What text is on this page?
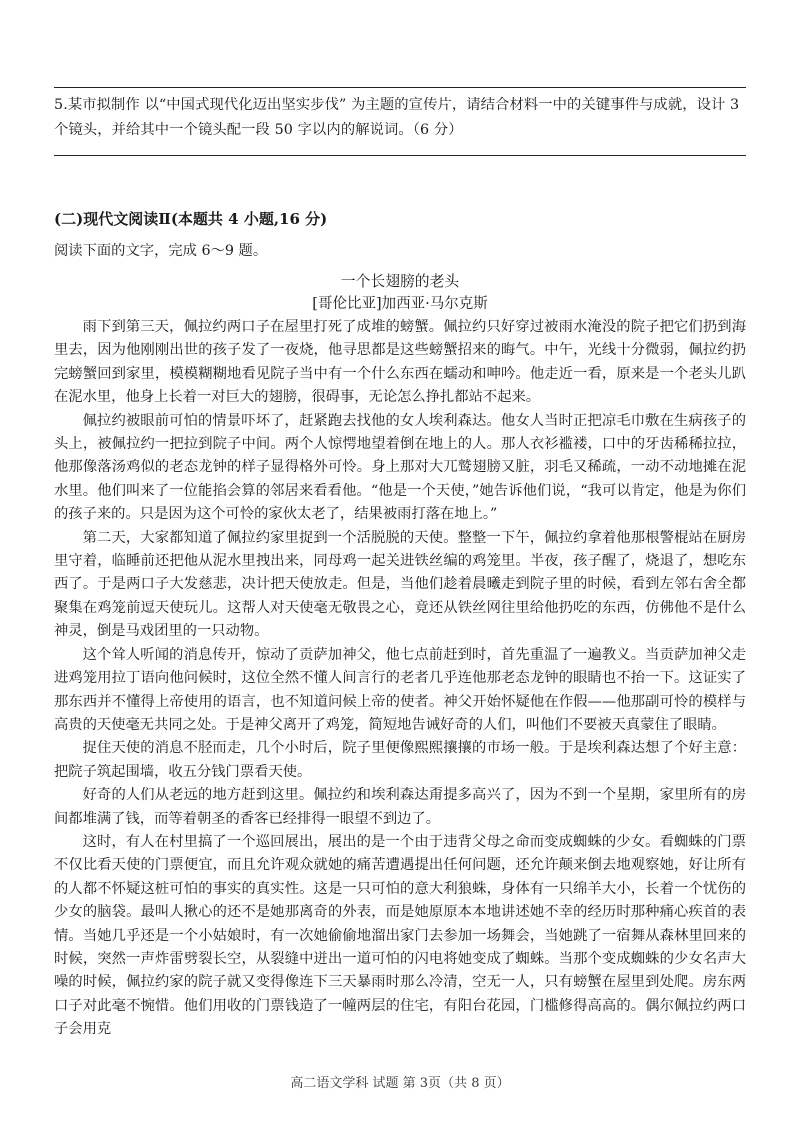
5.某市拟制作 以“中国式现代化迈出坚实步伐” 为主题的宣传片，请结合材料一中的关键事件与成就，设计 3 个镜头，并给其中一个镜头配一段 50 字以内的解说词。（6 分）
(二)现代文阅读Ⅱ(本题共 4 小题,16 分)
阅读下面的文字，完成 6～9 题。
一个长翅膀的老头
[哥伦比亚]加西亚·马尔克斯

雨下到第三天，佩拉约两口子在屋里打死了成堆的螃蟹。佩拉约只好穿过被雨水淹没的院子把它们扔到海里去，因为他刚刚出世的孩子发了一夜烧，他寻思都是这些螃蟹招来的晦气。中午，光线十分微弱，佩拉约扔完螃蟹回到家里，模模糊糊地看见院子当中有一个什么东西在蠕动和呻吟。他走近一看，原来是一个老头儿趴在泥水里，他身上长着一对巨大的翅膀，很碍事，无论怎么挣扎都站不起来。

佩拉约被眼前可怕的情景吓坏了，赶紧跑去找他的女人埃利森达。他女人当时正把凉毛巾敷在生病孩子的头上，被佩拉约一把拉到院子中间。两个人惊愕地望着倒在地上的人。那人衣衫褴褛，口中的牙齿稀稀拉拉，他那像落汤鸡似的老态龙钟的样子显得格外可怜。身上那对大兀鹫翅膀又脏，羽毛又稀疏，一动不动地摊在泥水里。他们叫来了一位能掐会算的邻居来看看他。“他是一个天使，”她告诉他们说，“我可以肯定，他是为你们的孩子来的。只是因为这个可怜的家伙太老了，结果被雨打落在地上。”

第二天，大家都知道了佩拉约家里捉到一个活脱脱的天使。整整一下午，佩拉约拿着他那根警棍站在厨房里守着，临睡前还把他从泥水里拽出来，同母鸡一起关进铁丝编的鸡笼里。半夜，孩子醒了，烧退了，想吃东西了。于是两口子大发慈悲，决计把天使放走。但是，当他们趁着晨曦走到院子里的时候，看到左邻右舍全都聚集在鸡笼前逗天使玩儿。这帮人对天使毫无敬畏之心，竟还从铁丝网往里给他扔吃的东西，仿佛他不是什么神灵，倒是马戏团里的一只动物。

这个耸人听闻的消息传开，惊动了贡萨加神父，他七点前赶到时，首先重温了一遍教义。当贡萨加神父走进鸡笼用拉丁语向他问候时，这位全然不懂人间言行的老者几乎连他那老态龙钟的眼睛也不抬一下。这证实了那东西并不懂得上帝使用的语言，也不知道问候上帝的使者。神父开始怀疑他在作假——他那副可怜的模样与高贵的天使毫无共同之处。于是神父离开了鸡笼，简短地告诫好奇的人们，叫他们不要被天真蒙住了眼睛。

捉住天使的消息不胫而走，几个小时后，院子里便像熙熙攘攘的市场一般。于是埃利森达想了个好主意：把院子筑起围墙，收五分钱门票看天使。

好奇的人们从老远的地方赶到这里。佩拉约和埃利森达甭提多高兴了，因为不到一个星期，家里所有的房间都堆满了钱，而等着朝圣的香客已经排得一眼望不到边了。

这时，有人在村里搞了一个巡回展出，展出的是一个由于违背父母之命而变成蜘蛛的少女。看蜘蛛的门票不仅比看天使的门票便宜，而且允许观众就她的痛苦遭遇提出任何问题，还允许颠来倒去地观察她，好让所有的人都不怀疑这桩可怕的事实的真实性。这是一只可怕的意大利狼蛛，身体有一只绵羊大小，长着一个忧伤的少女的脑袋。最叫人揪心的还不是她那离奇的外表，而是她原原本本地讲述她不幸的经历时那种痛心疾首的表情。当她几乎还是一个小姑娘时，有一次她偷偷地溜出家门去参加一场舞会，当她跳了一宿舞从森林里回来的时候，突然一声炸雷劈裂长空，从裂缝中迸出一道可怕的闪电将她变成了蜘蛛。当那个变成蜘蛛的少女名声大噪的时候，佩拉约家的院子就又变得像连下三天暴雨时那么冷清，空无一人，只有螃蟹在屋里到处爬。房东两口子对此毫不惋惜。他们用收的门票钱造了一幢两层的住宅，有阳台花园，门槛修得高高的。偶尔佩拉约两口子会用克

高二语文学科 试题 第 3页（共 8 页）
